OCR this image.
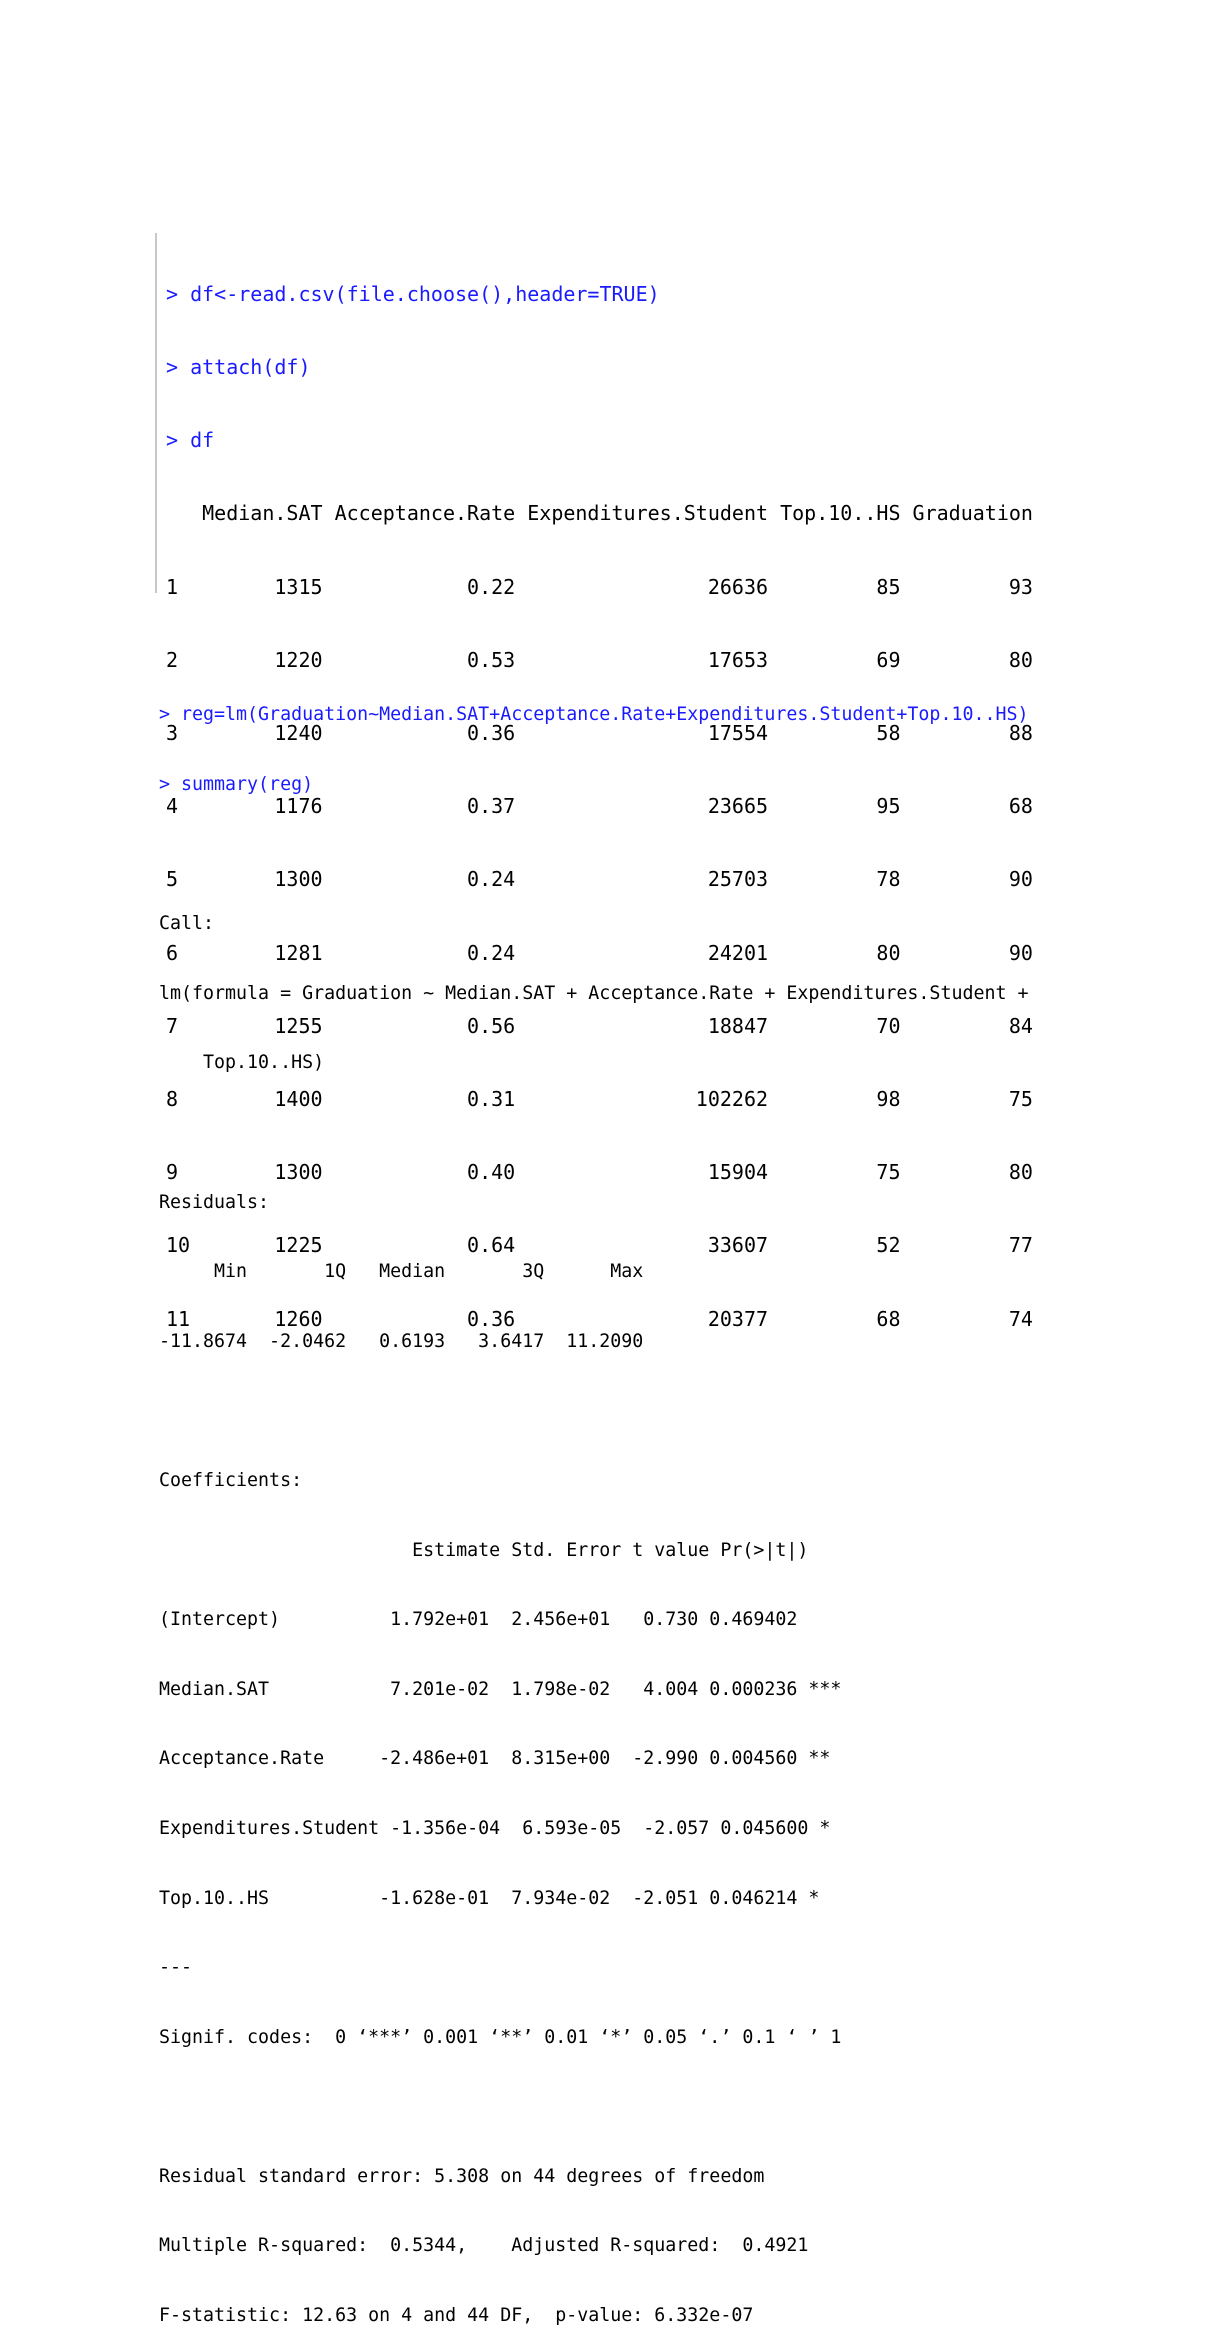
> df<-read.csv(file.choose(),header=TRUE)

> attach(df)

> df

Median.SAT Acceptance.Rate Expenditures.Student Top.10..HS Graduation

1        1315            0.22                26636         85         93

2        1220            0.53                17653         69         80

3        1240            0.36                17554         58         88

4        1176            0.37                23665         95         68

5        1300            0.24                25703         78         90

6        1281            0.24                24201         80         90

7        1255            0.56                18847         70         84

8        1400            0.31               102262         98         75

9        1300            0.40                15904         75         80

10       1225            0.64                33607         52         77

11       1260            0.36                20377         68         74

> reg=lm(Graduation~Median.SAT+Acceptance.Rate+Expenditures.Student+Top.10..HS)

> summary(reg)

Call:

lm(formula = Graduation ~ Median.SAT + Acceptance.Rate + Expenditures.Student +

Top.10..HS)

Residuals:

Min       1Q   Median       3Q      Max

-11.8674  -2.0462   0.6193   3.6417  11.2090

Coefficients:

Estimate Std. Error t value Pr(>|t|)

(Intercept)          1.792e+01  2.456e+01   0.730 0.469402

Median.SAT           7.201e-02  1.798e-02   4.004 0.000236 ***

Acceptance.Rate     -2.486e+01  8.315e+00  -2.990 0.004560 **

Expenditures.Student -1.356e-04  6.593e-05  -2.057 0.045600 *

Top.10..HS          -1.628e-01  7.934e-02  -2.051 0.046214 *

---

Signif. codes:  0 ‘***’ 0.001 ‘**’ 0.01 ‘*’ 0.05 ‘.’ 0.1 ‘ ’ 1

Residual standard error: 5.308 on 44 degrees of freedom

Multiple R-squared:  0.5344,	Adjusted R-squared:  0.4921

F-statistic: 12.63 on 4 and 44 DF,  p-value: 6.332e-07
